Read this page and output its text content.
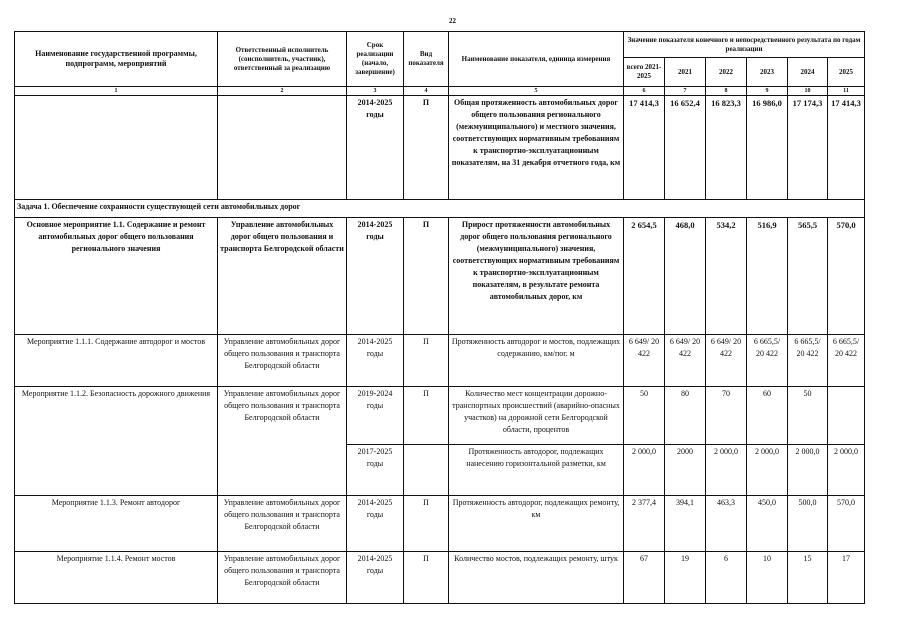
22
Наименование государственной программы, подпрограмм, мероприятий	Ответственный исполнитель (соисполнитель, участник), ответственный за реализацию	Срок реализации (начало, завершение)	Вид показателя	Наименование показателя, единица измерения	Значение показателя конечного и непосредственного результата по годам реализации					
					всего 2021-2025	2021	2022	2023	2024	2025
1	2	3	4	5	6	7	8	9	10	11
		2014-2025 годы	П	Общая протяженность автомобильных дорог общего пользования регионального (межмуниципального) и местного значения, соответствующих нормативным требованиям к транспортно-эксплуатационным показателям, на 31 декабря отчетного года, км	17 414,3	16 652,4	16 823,3	16 986,0	17 174,3	17 414,3
Задача 1. Обеспечение сохранности существующей сети автомобильных дорог										
Основное мероприятие 1.1. Содержание и ремонт автомобильных дорог общего пользования регионального значения	Управление автомобильных дорог общего пользования и транспорта Белгородской области	2014-2025 годы	П	Прирост протяженности автомобильных дорог общего пользования регионального (межмуниципального) значения, соответствующих нормативным требованиям к транспортно-эксплуатационным показателям, в результате ремонта автомобильных дорог, км	2 654,5	468,0	534,2	516,9	565,5	570,0
Мероприятие 1.1.1. Содержание автодорог и мостов	Управление автомобильных дорог общего пользования и транспорта Белгородской области	2014-2025 годы	П	Протяженность автодорог и мостов, подлежащих содержанию, км/пог. м	6 649/ 20 422	6 649/ 20 422	6 649/ 20 422	6 665,5/ 20 422	6 665,5/ 20 422	6 665,5/ 20 422
Мероприятие 1.1.2. Безопасность дорожного движения	Управление автомобильных дорог общего пользования и транспорта Белгородской области	2019-2024 годы	П	Количество мест концентрации дорожно-транспортных происшествий (аварийно-опасных участков) на дорожной сети Белгородской области, процентов	50	80	70	60	50	
		2017-2025 годы		Протяженность автодорог, подлежащих нанесению горизонтальной разметки, км	2 000,0	2000	2 000,0	2 000,0	2 000,0	2 000,0
Мероприятие 1.1.3. Ремонт автодорог	Управление автомобильных дорог общего пользования и транспорта Белгородской области	2014-2025 годы	П	Протяженность автодорог, подлежащих ремонту, км	2 377,4	394,1	463,3	450,0	500,0	570,0
Мероприятие 1.1.4. Ремонт мостов	Управление автомобильных дорог общего пользования и транспорта Белгородской области	2014-2025 годы	П	Количество мостов, подлежащих ремонту, штук	67	19	6	10	15	17
